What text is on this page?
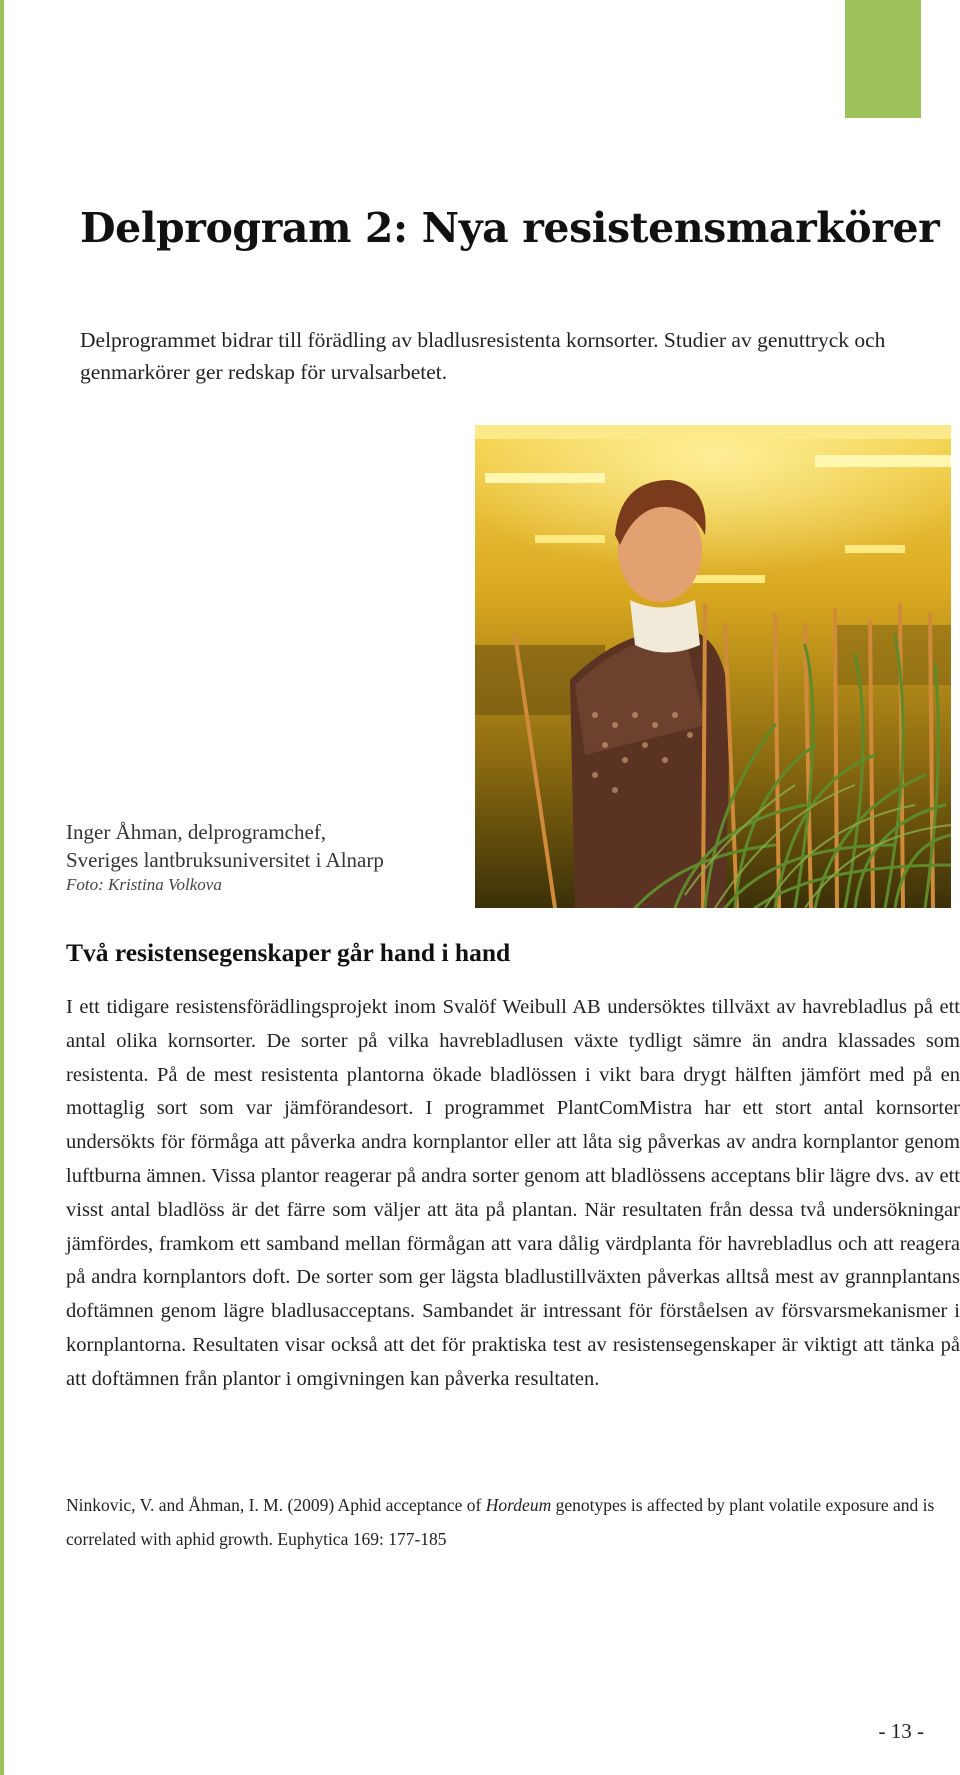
Delprogram 2: Nya resistensmarkörer

Delprogrammet bidrar till förädling av bladlusresistenta kornsorter. Studier av genuttryck och genmarkörer ger redskap för urvalsarbetet.

Inger Åhman, delprogramchef,
Sveriges lantbruksuniversitet i Alnarp
Foto: Kristina Volkova
Två resistensegenskaper går hand i hand

I ett tidigare resistensförädlingsprojekt inom Svalöf Weibull AB undersöktes tillväxt av havrebladlus på ett antal olika kornsorter. De sorter på vilka havrebladlusen växte tydligt sämre än andra klassades som resistenta. På de mest resistenta plantorna ökade bladlössen i vikt bara drygt hälften jämfört med på en mottaglig sort som var jämförandesort. I programmet PlantComMistra har ett stort antal kornsorter undersökts för förmåga att påverka andra kornplantor eller att låta sig påverkas av andra kornplantor genom luftburna ämnen. Vissa plantor reagerar på andra sorter genom att bladlössens acceptans blir lägre dvs. av ett visst antal bladlöss är det färre som väljer att äta på plantan. När resultaten från dessa två undersökningar jämfördes, framkom ett samband mellan förmågan att vara dålig värdplanta för havrebladlus och att reagera på andra kornplantors doft. De sorter som ger lägsta bladlustillväxten påverkas alltså mest av grannplantans doftämnen genom lägre bladlusacceptans. Sambandet är intressant för förståelsen av försvarsmekanismer i kornplantorna. Resultaten visar också att det för praktiska test av resistensegenskaper är viktigt att tänka på att doftämnen från plantor i omgivningen kan påverka resultaten.

Ninkovic, V. and Åhman, I. M. (2009) Aphid acceptance of Hordeum genotypes is affected by plant volatile exposure and is correlated with aphid growth. Euphytica 169: 177-185

- 13 -
